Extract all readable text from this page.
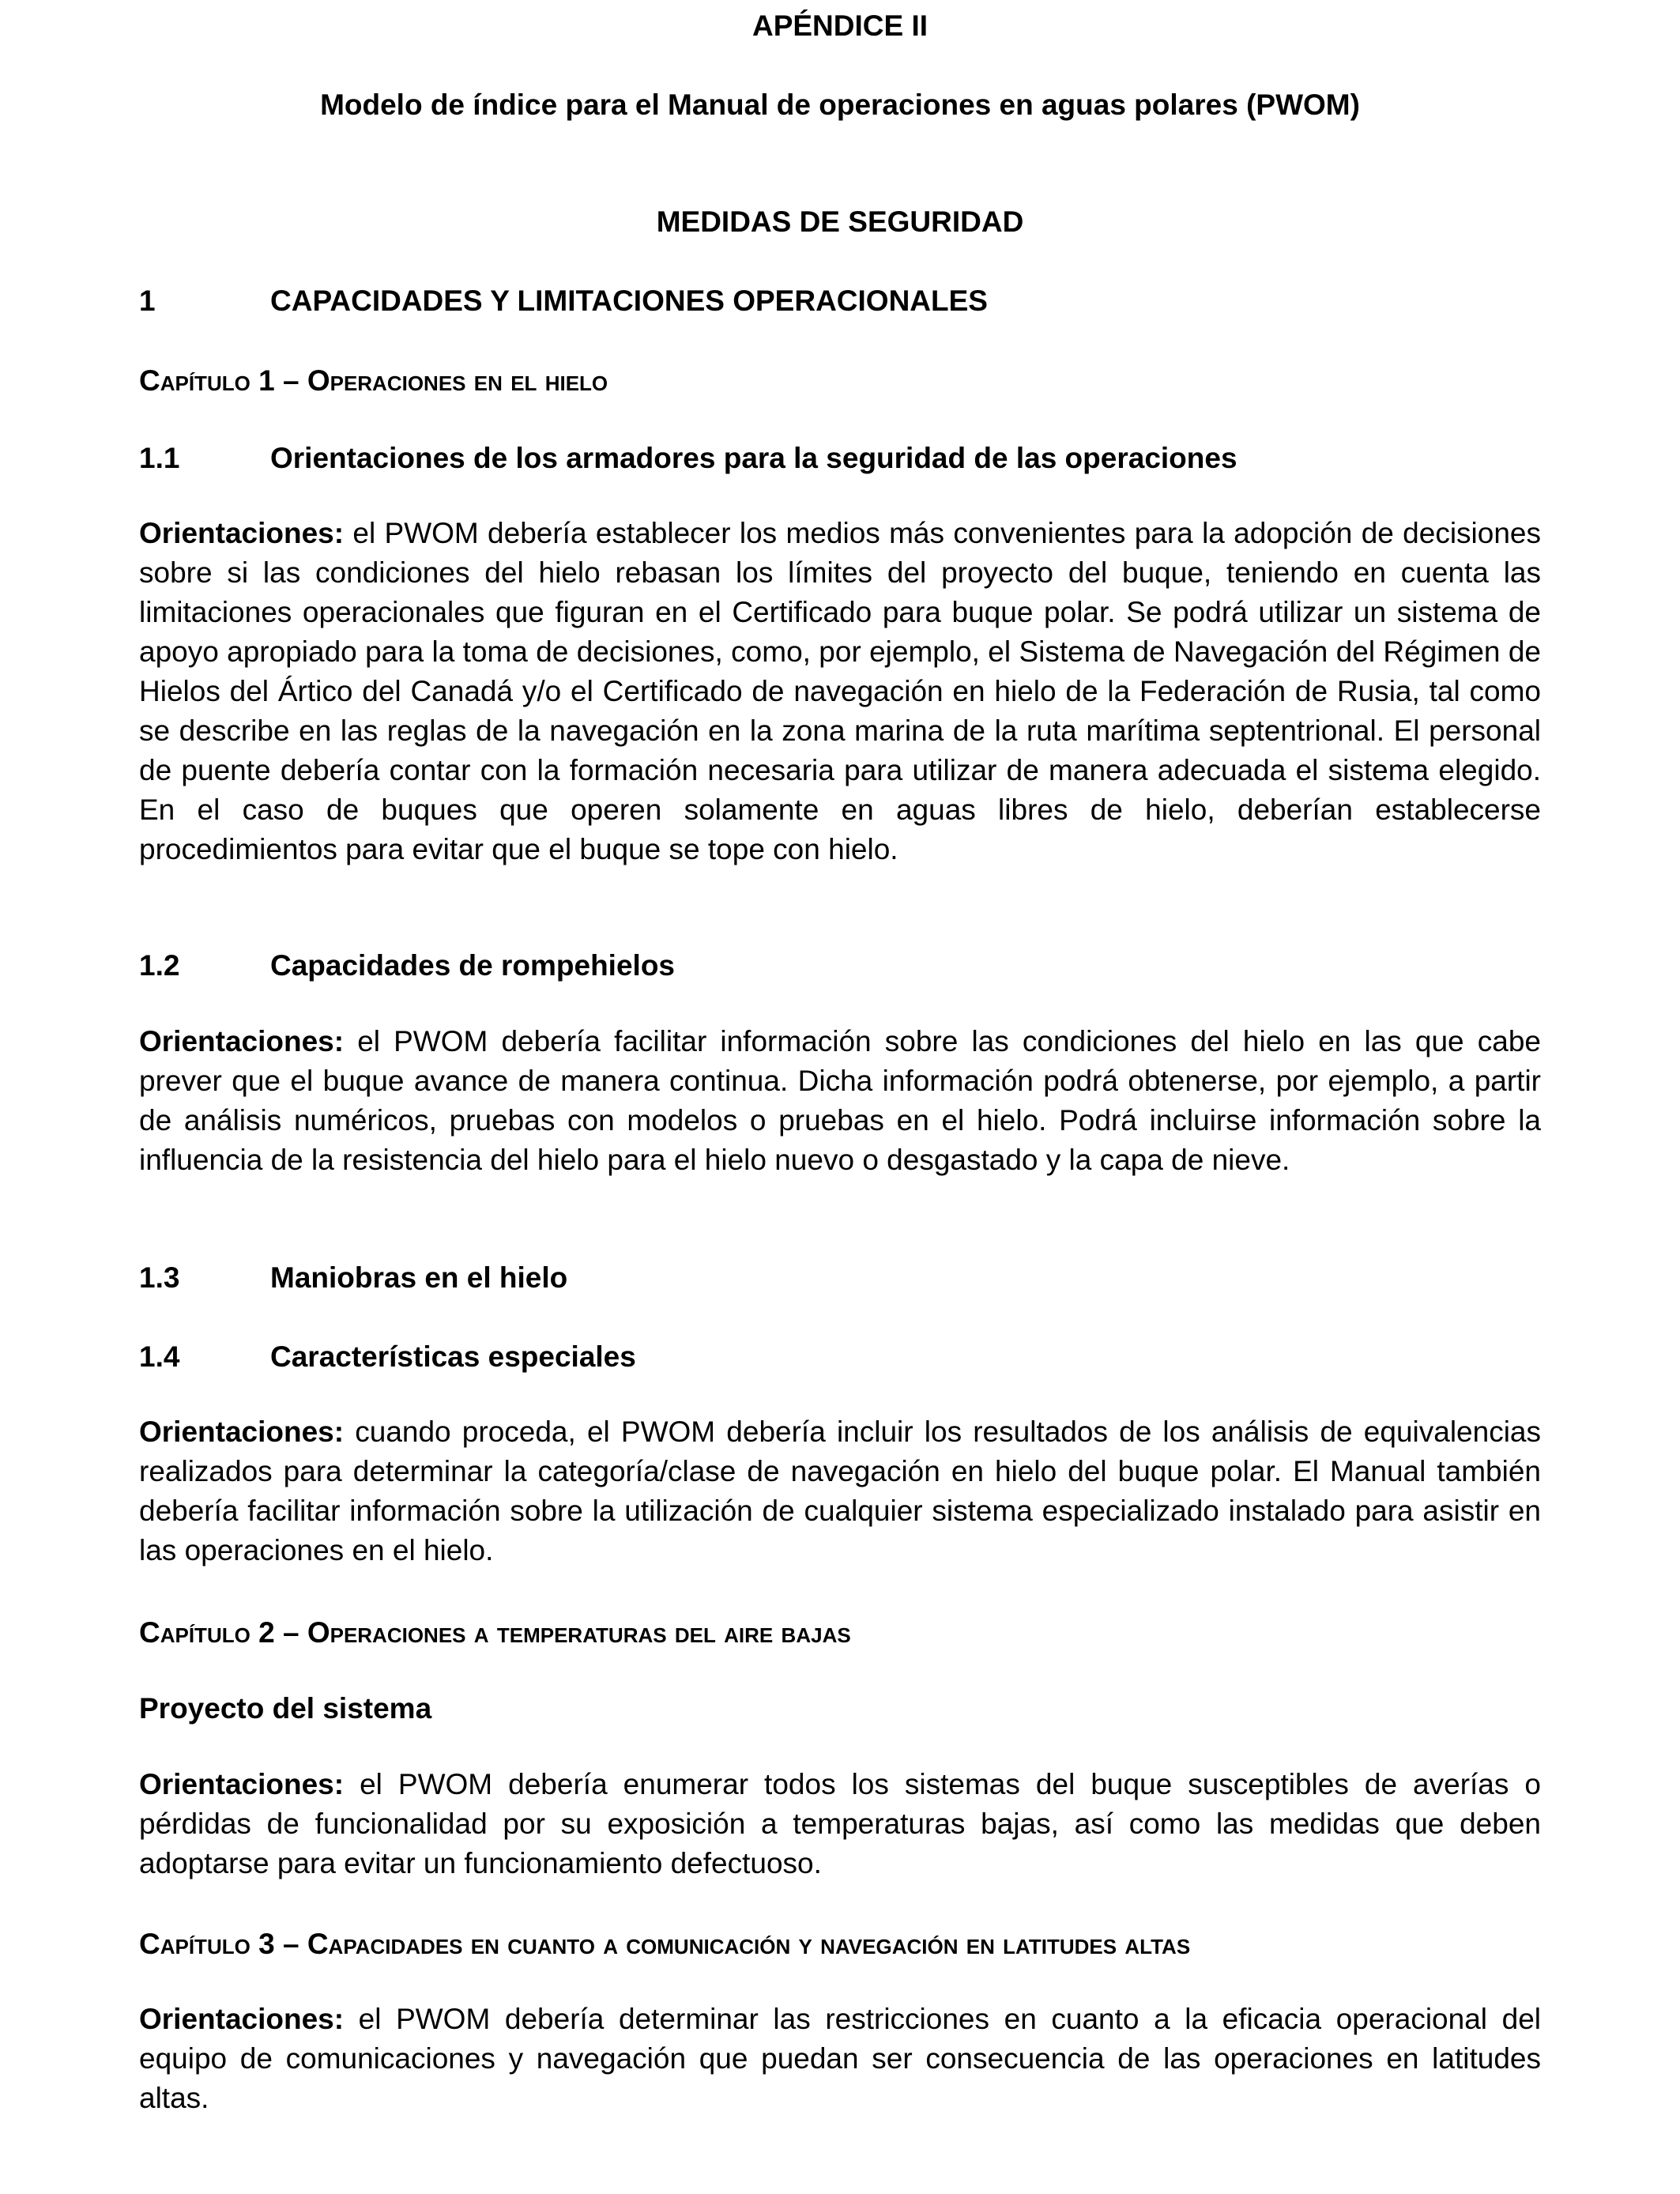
APÉNDICE II

Modelo de índice para el Manual de operaciones en aguas polares (PWOM)

MEDIDAS DE SEGURIDAD

1	CAPACIDADES Y LIMITACIONES OPERACIONALES

Capítulo 1 – Operaciones en el hielo

1.1	Orientaciones de los armadores para la seguridad de las operaciones

Orientaciones: el PWOM debería establecer los medios más convenientes para la adopción de decisiones sobre si las condiciones del hielo rebasan los límites del proyecto del buque, teniendo en cuenta las limitaciones operacionales que figuran en el Certificado para buque polar. Se podrá utilizar un sistema de apoyo apropiado para la toma de decisiones, como, por ejemplo, el Sistema de Navegación del Régimen de Hielos del Ártico del Canadá y/o el Certificado de navegación en hielo de la Federación de Rusia, tal como se describe en las reglas de la navegación en la zona marina de la ruta marítima septentrional. El personal de puente debería contar con la formación necesaria para utilizar de manera adecuada el sistema elegido. En el caso de buques que operen solamente en aguas libres de hielo, deberían establecerse procedimientos para evitar que el buque se tope con hielo.

1.2	Capacidades de rompehielos

Orientaciones: el PWOM debería facilitar información sobre las condiciones del hielo en las que cabe prever que el buque avance de manera continua. Dicha información podrá obtenerse, por ejemplo, a partir de análisis numéricos, pruebas con modelos o pruebas en el hielo. Podrá incluirse información sobre la influencia de la resistencia del hielo para el hielo nuevo o desgastado y la capa de nieve.

1.3	Maniobras en el hielo
1.4	Características especiales

Orientaciones: cuando proceda, el PWOM debería incluir los resultados de los análisis de equivalencias realizados para determinar la categoría/clase de navegación en hielo del buque polar. El Manual también debería facilitar información sobre la utilización de cualquier sistema especializado instalado para asistir en las operaciones en el hielo.

Capítulo 2 – Operaciones a temperaturas del aire bajas

Proyecto del sistema

Orientaciones: el PWOM debería enumerar todos los sistemas del buque susceptibles de averías o pérdidas de funcionalidad por su exposición a temperaturas bajas, así como las medidas que deben adoptarse para evitar un funcionamiento defectuoso.

Capítulo 3 – Capacidades en cuanto a comunicación y navegación en latitudes altas

Orientaciones: el PWOM debería determinar las restricciones en cuanto a la eficacia operacional del equipo de comunicaciones y navegación que puedan ser consecuencia de las operaciones en latitudes altas.
